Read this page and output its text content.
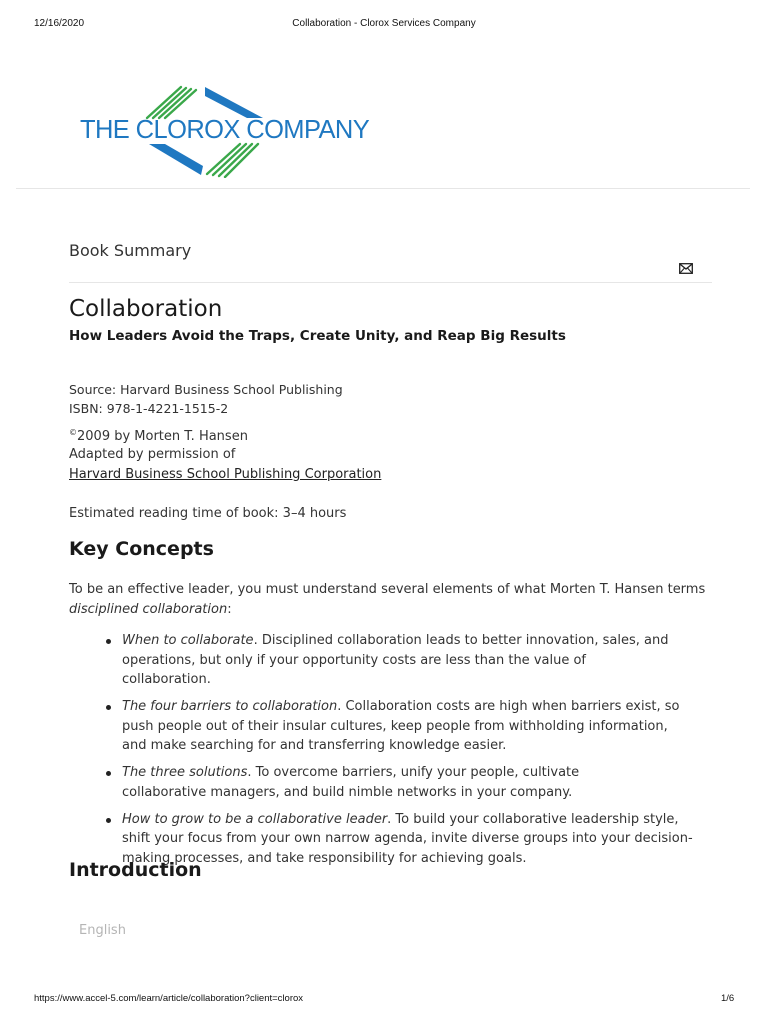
12/16/2020	Collaboration - Clorox Services Company
THE CLOROX COMPANY
Book Summary
Collaboration
How Leaders Avoid the Traps, Create Unity, and Reap Big Results
Source: Harvard Business School Publishing
ISBN: 978-1-4221-1515-2
©2009 by Morten T. Hansen
Adapted by permission of
Harvard Business School Publishing Corporation
Estimated reading time of book: 3–4 hours
Key Concepts

To be an effective leader, you must understand several elements of what Morten T. Hansen terms disciplined collaboration:

When to collaborate. Disciplined collaboration leads to better innovation, sales, and operations, but only if your opportunity costs are less than the value of collaboration.
The four barriers to collaboration. Collaboration costs are high when barriers exist, so push people out of their insular cultures, keep people from withholding information, and make searching for and transferring knowledge easier.
The three solutions. To overcome barriers, unify your people, cultivate collaborative managers, and build nimble networks in your company.
How to grow to be a collaborative leader. To build your collaborative leadership style, shift your focus from your own narrow agenda, invite diverse groups into your decision-making processes, and take responsibility for achieving goals.
Introduction
English
https://www.accel-5.com/learn/article/collaboration?client=clorox	1/6
